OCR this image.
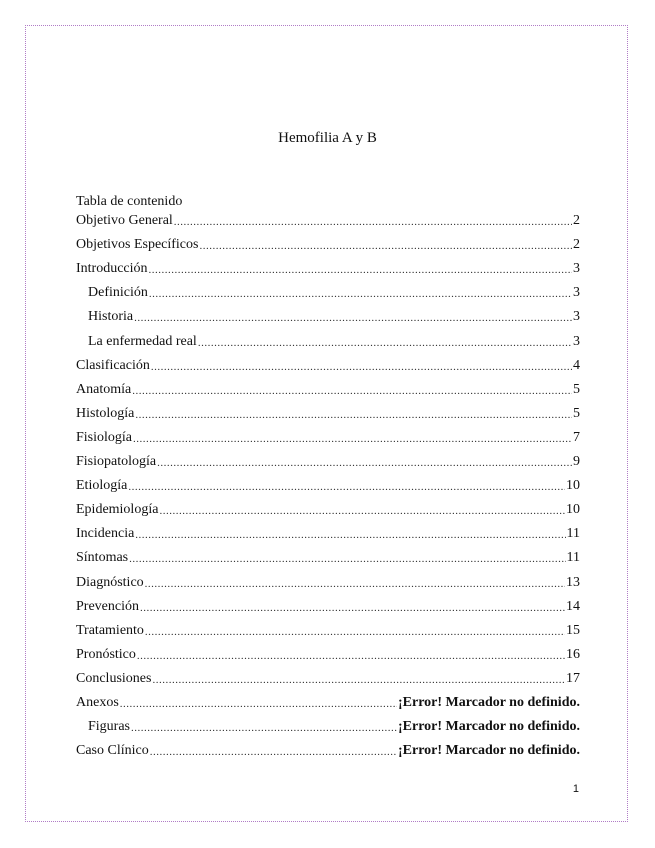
Hemofilia A y B
Tabla de contenido
Objetivo General .....	2
Objetivos Específicos .....	2
Introducción .....	3
Definición .....	3
Historia .....	3
La enfermedad real .....	3
Clasificación .....	4
Anatomía .....	5
Histología .....	5
Fisiología .....	7
Fisiopatología .....	9
Etiología .....	10
Epidemiología .....	10
Incidencia .....	11
Síntomas .....	11
Diagnóstico .....	13
Prevención .....	14
Tratamiento .....	15
Pronóstico .....	16
Conclusiones .....	17
Anexos .....	¡Error! Marcador no definido.
Figuras .....	¡Error! Marcador no definido.
Caso Clínico .....	¡Error! Marcador no definido.
1
